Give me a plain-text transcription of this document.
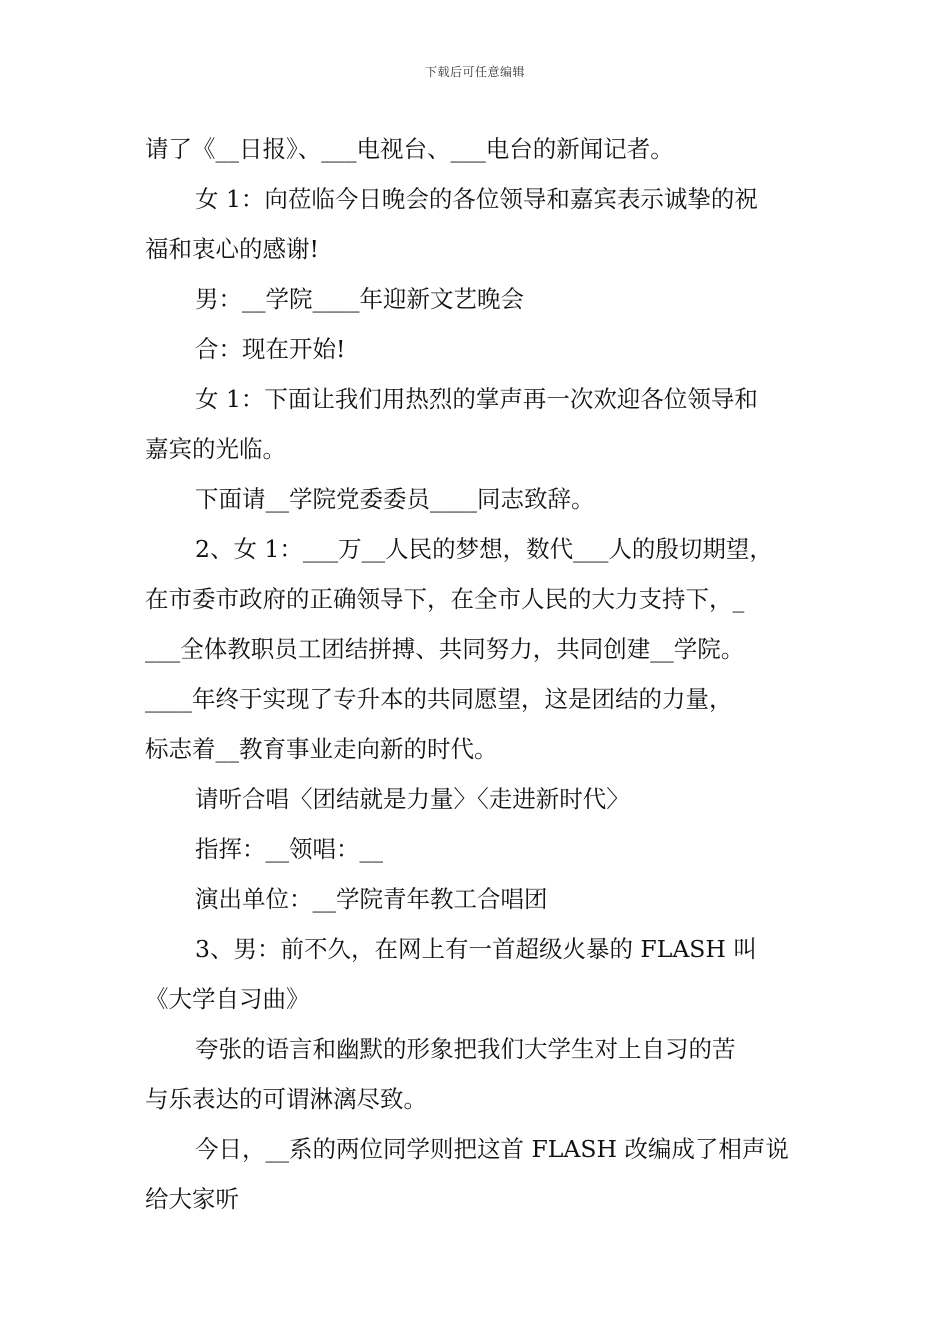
下载后可任意编辑
请了《__日报》、___电视台、___电台的新闻记者。
女 1：向莅临今日晚会的各位领导和嘉宾表示诚挚的祝
福和衷心的感谢!
男：__学院____年迎新文艺晚会
合：现在开始!
女 1：下面让我们用热烈的掌声再一次欢迎各位领导和
嘉宾的光临。
下面请__学院党委委员____同志致辞。
2、女 1：___万__人民的梦想，数代___人的殷切期望，
在市委市政府的正确领导下，在全市人民的大力支持下，_
___全体教职员工团结拼搏、共同努力，共同创建__学院。
____年终于实现了专升本的共同愿望，这是团结的力量，
标志着__教育事业走向新的时代。
请听合唱〈团结就是力量〉〈走进新时代〉
指挥：__领唱：__
演出单位：__学院青年教工合唱团
3、男：前不久，在网上有一首超级火暴的 FLASH 叫
《大学自习曲》
夸张的语言和幽默的形象把我们大学生对上自习的苦
与乐表达的可谓淋漓尽致。
今日，__系的两位同学则把这首 FLASH 改编成了相声说
给大家听
